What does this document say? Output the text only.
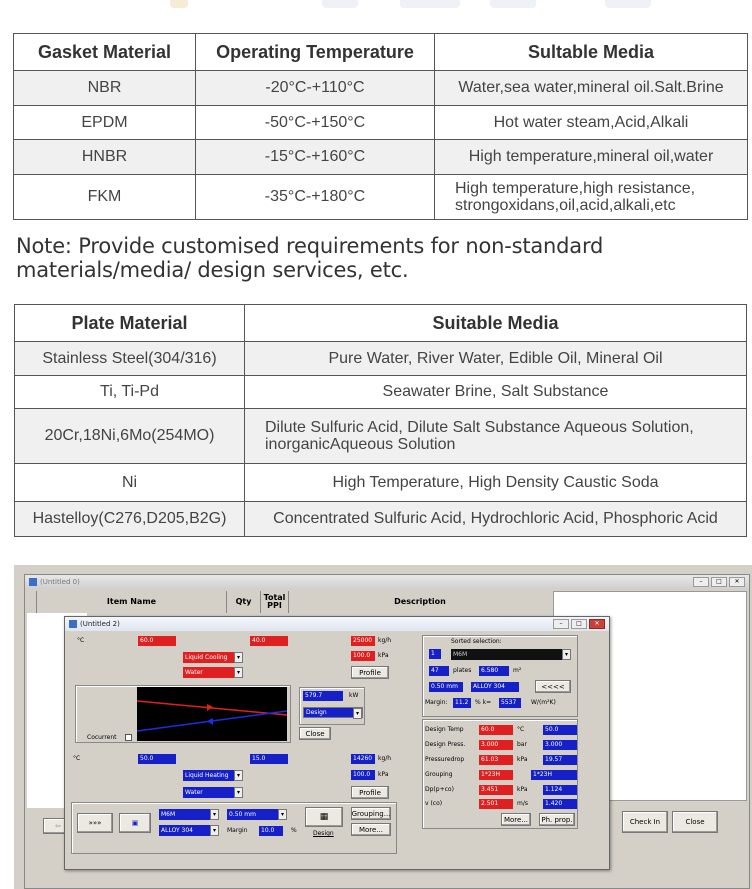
Gasket Material	Operating Temperature	Sultable Media
NBR	-20°C-+110°C	Water,sea water,mineral oil.Salt.Brine
EPDM	-50°C-+150°C	Hot water steam,Acid,Alkali
HNBR	-15°C-+160°C	High temperature,mineral oil,water
FKM	-35°C-+180°C	High temperature,high resistance, strongoxidans,oil,acid,alkali,etc
Note: Provide customised requirements for non-standard materials/media/ design services, etc.
Plate Material	Suitable Media
Stainless Steel(304/316)	Pure Water, River Water, Edible Oil, Mineral Oil
Ti, Ti-Pd	Seawater Brine, Salt Substance
20Cr,18Ni,6Mo(254MO)	Dilute Sulfuric Acid, Dilute Salt Substance Aqueous Solution, inorganicAqueous Solution
Ni	High Temperature, High Density Caustic Soda
Hastelloy(C276,D205,B2G)	Concentrated Sulfuric Acid, Hydrochloric Acid, Phosphoric Acid
(Untitled 0)	–	□	✕
Item Name	Qty	Total PPI	Description
⇦	Check In	Close
(Untitled 2)	–	□	✕
°C	60.0	40.0	25000 kg/h
100.0	kPa
Liquid Cooling	▾
Water	▾	Profile
Cocurrent
579.7	kW
Design	▾
Close
°C	50.0	15.0	14260 kg/h
100.0	kPa
Liquid Heating	▾
Water	▾	Profile
Sorted selection:
1	M6M	▾
47	plates	6.580	m²
0.50 mm	ALLOY 304	<<<<
Margin:	11.2	% k=	5537	W/(m²K)
Design Temp	60.0	°C	50.0
Design Press.	3.000	bar	3.000
Pressuredrop	61.03	kPa	19.57
Grouping	1*23H	1*23H
Dp(p+co)	3.451	kPa	1.124
v (co)	2.501	m/s	1.420
More...	Ph. prop.
»»»	▣
M6M	▾	0.50 mm	▾
ALLOY 304	▾	Margin	10.0	%
▦
Design
Grouping...
More...
